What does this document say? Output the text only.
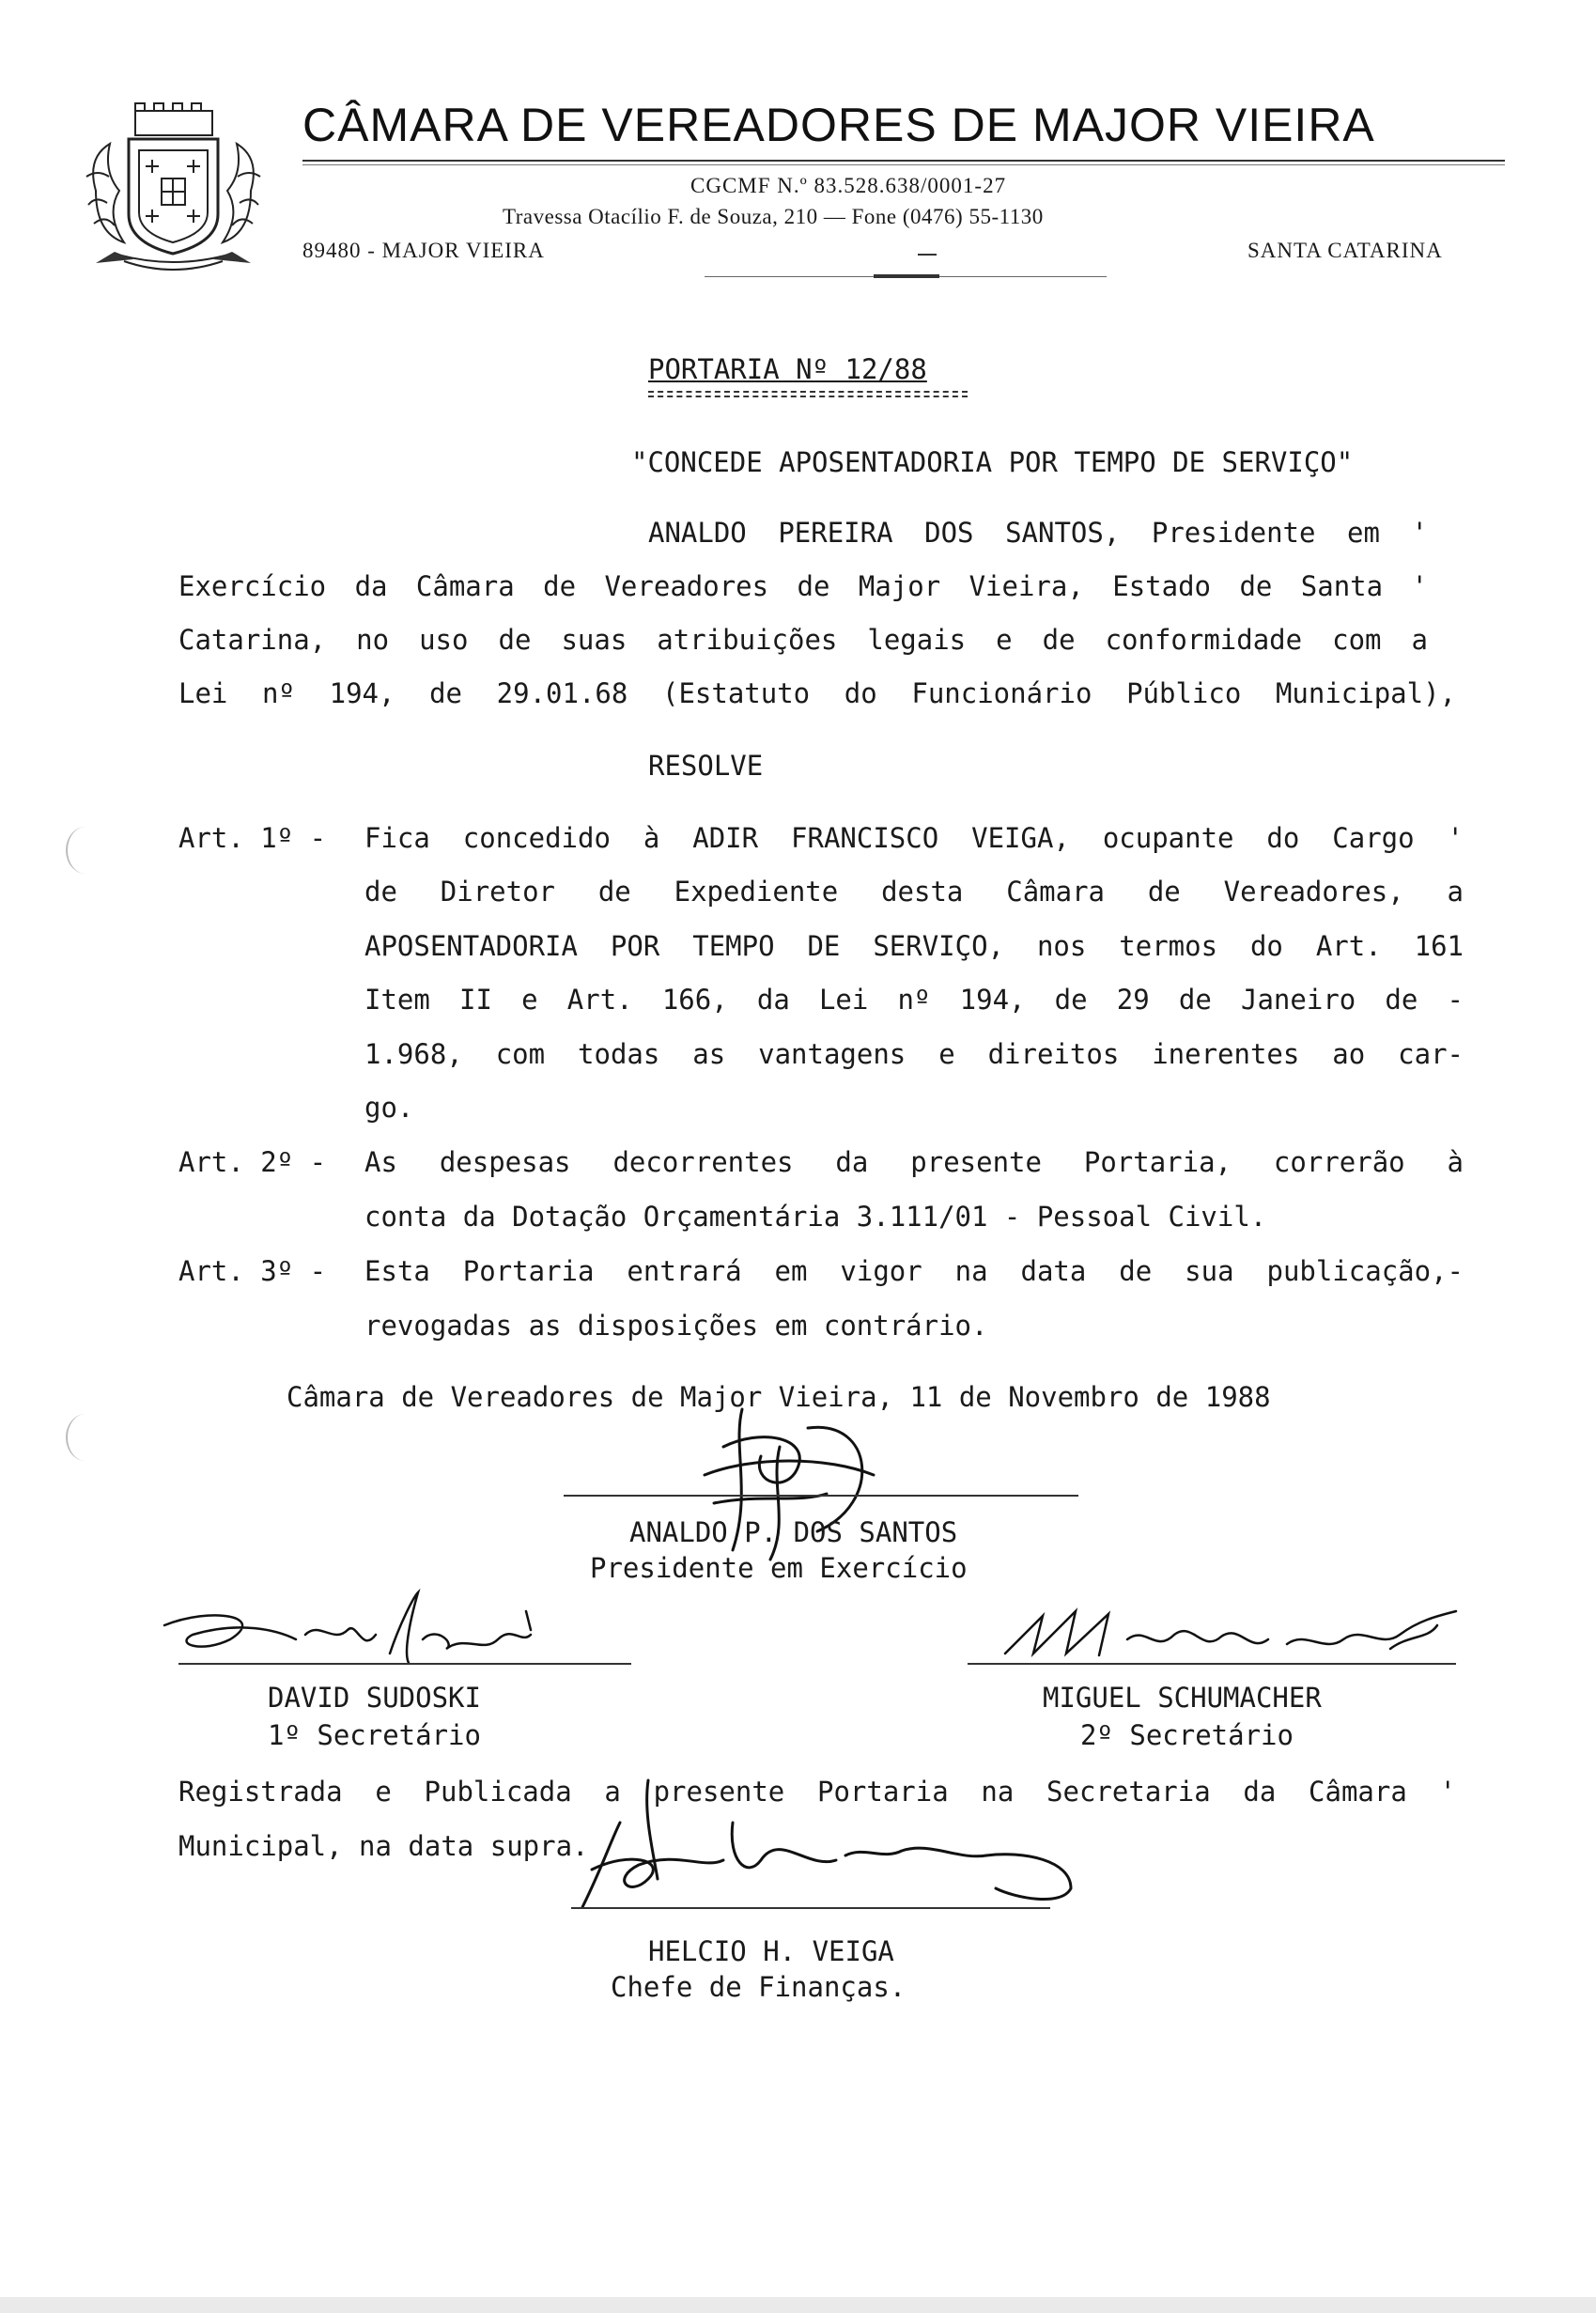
CÂMARA DE VEREADORES DE MAJOR VIEIRA
CGCMF N.º 83.528.638/0001-27
Travessa Otacílio F. de Souza, 210 — Fone (0476) 55-1130
89480 - MAJOR VIEIRA	SANTA CATARINA
PORTARIA Nº 12/88
"CONCEDE APOSENTADORIA POR TEMPO DE SERVIÇO"
ANALDO PEREIRA DOS SANTOS, Presidente em '
Exercício da Câmara de Vereadores de Major Vieira, Estado de Santa '
Catarina, no uso de suas atribuições legais e de conformidade com a
Lei nº 194, de 29.01.68 (Estatuto do Funcionário Público Municipal),
RESOLVE
Art. 1º - Fica concedido à ADIR FRANCISCO VEIGA, ocupante do Cargo '
de Diretor de Expediente desta Câmara de Vereadores, a
APOSENTADORIA POR TEMPO DE SERVIÇO, nos termos do Art. 161
Item II e Art. 166, da Lei nº 194, de 29 de Janeiro de -
1.968, com todas as vantagens e direitos inerentes ao car-
go.
Art. 2º - As despesas decorrentes da presente Portaria, correrão à
conta da Dotação Orçamentária 3.111/01 - Pessoal Civil.
Art. 3º - Esta Portaria entrará em vigor na data de sua publicação,-
revogadas as disposições em contrário.
Câmara de Vereadores de Major Vieira, 11 de Novembro de 1988
ANALDO P. DOS SANTOS
Presidente em Exercício
DAVID SUDOSKI
1º Secretário
MIGUEL SCHUMACHER
2º Secretário
Registrada e Publicada a presente Portaria na Secretaria da Câmara '
Municipal, na data supra.
HELCIO H. VEIGA
Chefe de Finanças.
